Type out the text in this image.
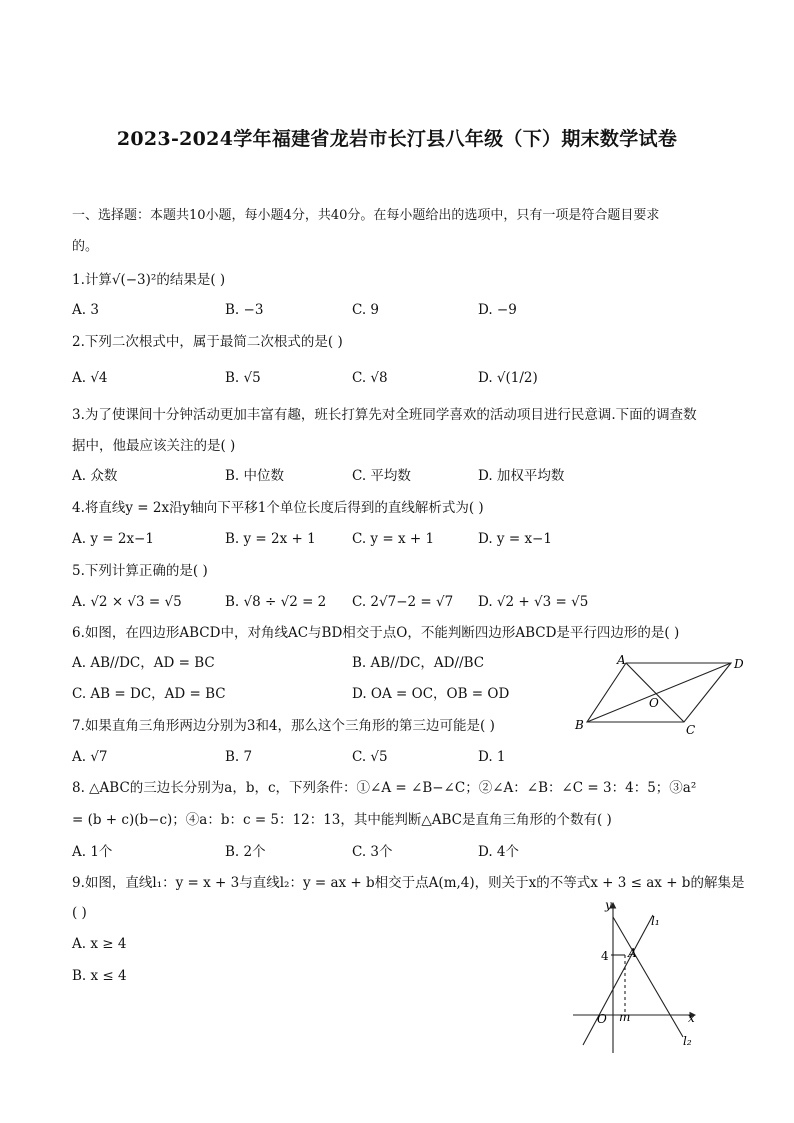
2023-2024学年福建省龙岩市长汀县八年级（下）期末数学试卷
一、选择题：本题共10小题，每小题4分，共40分。在每小题给出的选项中，只有一项是符合题目要求
的。
1.计算√(−3)²的结果是( )
A. 3	B. −3	C. 9	D. −9
2.下列二次根式中，属于最简二次根式的是( )
A. √4	B. √5	C. √8	D. √(1/2)
3.为了使课间十分钟活动更加丰富有趣，班长打算先对全班同学喜欢的活动项目进行民意调.下面的调查数
据中，他最应该关注的是( )
A. 众数	B. 中位数	C. 平均数	D. 加权平均数
4.将直线y = 2x沿y轴向下平移1个单位长度后得到的直线解析式为( )
A. y = 2x−1	B. y = 2x + 1	C. y = x + 1	D. y = x−1
5.下列计算正确的是( )
A. √2 × √3 = √5	B. √8 ÷ √2 = 2 C. 2√7−2 = √7 D. √2 + √3 = √5
6.如图，在四边形ABCD中，对角线AC与BD相交于点O，不能判断四边形ABCD是平行四边形的是( )
A. AB//DC，AD = BC	B. AB//DC，AD//BC
C. AB = DC，AD = BC	D. OA = OC，OB = OD
A	D
O
B	C
7.如果直角三角形两边分别为3和4，那么这个三角形的第三边可能是( )
A. √7	B. 7	C. √5	D. 1
8. △ABC的三边长分别为a，b，c，下列条件：①∠A = ∠B−∠C；②∠A：∠B：∠C = 3：4：5；③a²
= (b + c)(b−c)；④a：b：c = 5：12：13，其中能判断△ABC是直角三角形的个数有( )
A. 1个	B. 2个	C. 3个	D. 4个
9.如图，直线l₁：y = x + 3与直线l₂：y = ax + b相交于点A(m,4)，则关于x的不等式x + 3 ≤ ax + b的解集是
( )
A. x ≥ 4
B. x ≤ 4
y
l₁
4 A
O m	x
l₂
